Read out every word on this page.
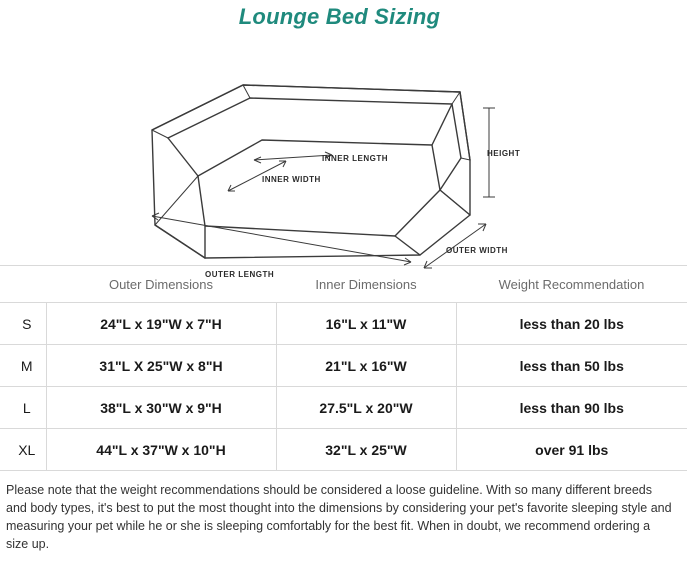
Lounge Bed Sizing
HEIGHT
INNER LENGTH
INNER WIDTH
OUTER WIDTH
OUTER LENGTH
	Outer Dimensions	Inner Dimensions	Weight Recommendation
S	24"L x 19"W x 7"H	16"L x 11"W	less than 20 lbs
M	31"L X 25"W x 8"H	21"L x 16"W	less than 50 lbs
L	38"L x 30"W x 9"H	27.5"L x 20"W	less than 90 lbs
XL	44"L x 37"W x 10"H	32"L x 25"W	over 91 lbs
Please note that the weight recommendations should be considered a loose guideline. With so many different breeds and body types, it's best to put the most thought into the dimensions by considering your pet's favorite sleeping style and measuring your pet while he or she is sleeping comfortably for the best fit. When in doubt, we recommend ordering a size up.
